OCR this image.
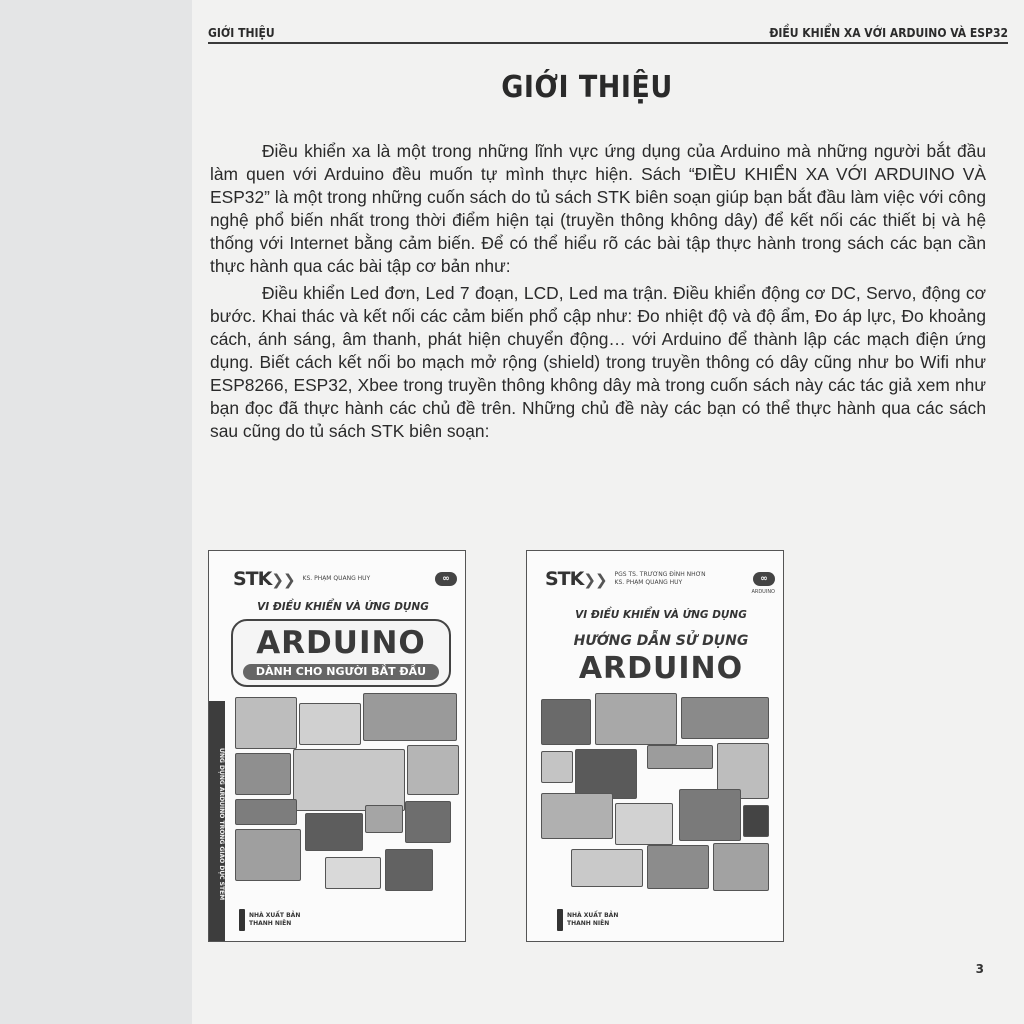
GIỚI THIỆU	ĐIỀU KHIỂN XA VỚI ARDUINO VÀ ESP32
GIỚI THIỆU

Điều khiển xa là một trong những lĩnh vực ứng dụng của Arduino mà những người bắt đầu làm quen với Arduino đều muốn tự mình thực hiện. Sách “ĐIỀU KHIỂN XA VỚI ARDUINO VÀ ESP32” là một trong những cuốn sách do tủ sách STK biên soạn giúp bạn bắt đầu làm việc với công nghệ phổ biến nhất trong thời điểm hiện tại (truyền thông không dây) để kết nối các thiết bị và hệ thống với Internet bằng cảm biến. Để có thể hiểu rõ các bài tập thực hành trong sách các bạn cần thực hành qua các bài tập cơ bản như:

Điều khiển Led đơn, Led 7 đoạn, LCD, Led ma trận. Điều khiển động cơ DC, Servo, động cơ bước. Khai thác và kết nối các cảm biến phổ cập như: Đo nhiệt độ và độ ẩm, Đo áp lực, Đo khoảng cách, ánh sáng, âm thanh, phát hiện chuyển động… với Arduino để thành lập các mạch điện ứng dụng. Biết cách kết nối bo mạch mở rộng (shield) trong truyền thông có dây cũng như bo Wifi như ESP8266, ESP32, Xbee trong truyền thông không dây mà trong cuốn sách này các tác giả xem như bạn đọc đã thực hành các chủ đề trên. Những chủ đề này các bạn có thể thực hành qua các sách sau cũng do tủ sách STK biên soạn:

ỨNG DỤNG ARDUINO TRONG GIÁO DỤC STEM
STK❯❯ KS. PHẠM QUANG HUY	∞
VI ĐIỀU KHIỂN VÀ ỨNG DỤNG
ARDUINO
DÀNH CHO NGƯỜI BẮT ĐẦU
NHÀ XUẤT BẢN
THANH NIÊN
STK❯❯ PGS TS. TRƯƠNG ĐÌNH NHƠN
KS. PHẠM QUANG HUY	∞
ARDUINO
VI ĐIỀU KHIỂN VÀ ỨNG DỤNG
HƯỚNG DẪN SỬ DỤNG
ARDUINO
NHÀ XUẤT BẢN
THANH NIÊN
3
